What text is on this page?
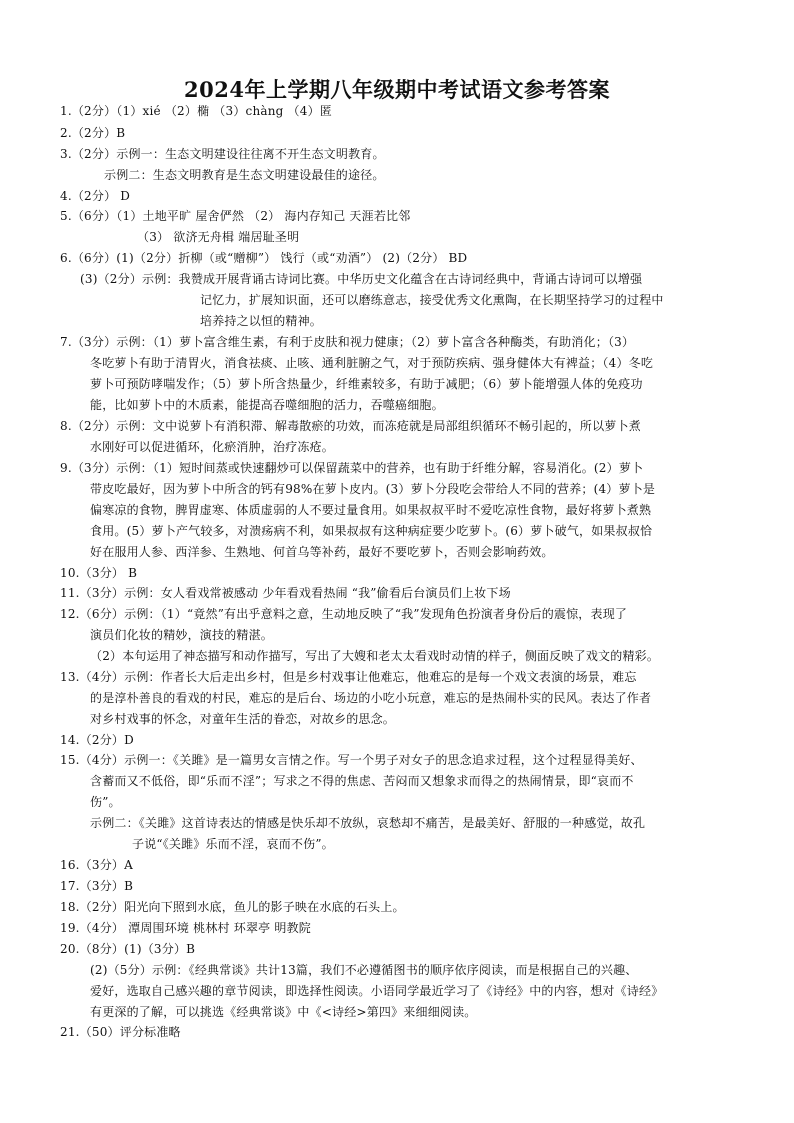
2024年上学期八年级期中考试语文参考答案
1.（2分）（1）xié （2）椭 （3）chàng （4）匿
2.（2分）B
3.（2分）示例一：生态文明建设往往离不开生态文明教育。
示例二：生态文明教育是生态文明建设最佳的途径。
4.（2分） D
5.（6分）（1）土地平旷 屋舍俨然 （2） 海内存知己 天涯若比邻
（3） 欲济无舟楫 端居耻圣明
6.（6分）(1)（2分）折柳（或“赠柳”） 饯行（或“劝酒”） (2)（2分） BD
(3)（2分）示例：我赞成开展背诵古诗词比赛。中华历史文化蕴含在古诗词经典中，背诵古诗词可以增强
记忆力，扩展知识面，还可以磨练意志，接受优秀文化熏陶，在长期坚持学习的过程中
培养持之以恒的精神。
7.（3分）示例：（1）萝卜富含维生素，有利于皮肤和视力健康；（2）萝卜富含各种酶类，有助消化；（3）
冬吃萝卜有助于清胃火，消食祛痰、止咳、通利脏腑之气，对于预防疾病、强身健体大有裨益；（4）冬吃
萝卜可预防哮喘发作；（5）萝卜所含热量少，纤维素较多，有助于减肥；（6）萝卜能增强人体的免疫功
能，比如萝卜中的木质素，能提高吞噬细胞的活力，吞噬癌细胞。
8.（2分）示例：文中说萝卜有消积滞、解毒散瘀的功效，而冻疮就是局部组织循环不畅引起的，所以萝卜煮
水刚好可以促进循环，化瘀消肿，治疗冻疮。
9.（3分）示例：（1）短时间蒸或快速翻炒可以保留蔬菜中的营养，也有助于纤维分解，容易消化。(2）萝卜
带皮吃最好，因为萝卜中所含的钙有98%在萝卜皮内。(3）萝卜分段吃会带给人不同的营养；(4）萝卜是
偏寒凉的食物，脾胃虚寒、体质虚弱的人不要过量食用。如果叔叔平时不爱吃凉性食物，最好将萝卜煮熟
食用。(5）萝卜产气较多，对溃疡病不利，如果叔叔有这种病症要少吃萝卜。(6）萝卜破气，如果叔叔恰
好在服用人参、西洋参、生熟地、何首乌等补药，最好不要吃萝卜，否则会影响药效。
10.（3分） B
11.（3分）示例：女人看戏常被感动 少年看戏看热闹 “我”偷看后台演员们上妆下场
12.（6分）示例：（1）“竟然”有出乎意料之意，生动地反映了“我”发现角色扮演者身份后的震惊，表现了
演员们化妆的精妙，演技的精湛。
（2）本句运用了神态描写和动作描写，写出了大嫂和老太太看戏时动情的样子，侧面反映了戏文的精彩。
13.（4分）示例：作者长大后走出乡村，但是乡村戏事让他难忘，他难忘的是每一个戏文表演的场景，难忘
的是淳朴善良的看戏的村民，难忘的是后台、场边的小吃小玩意，难忘的是热闹朴实的民风。表达了作者
对乡村戏事的怀念，对童年生活的眷恋，对故乡的思念。
14.（2分）D
15.（4分）示例一：《关雎》是一篇男女言情之作。写一个男子对女子的思念追求过程，这个过程显得美好、
含蓄而又不低俗，即“乐而不淫”；写求之不得的焦虑、苦闷而又想象求而得之的热闹情景，即“哀而不
伤”。
示例二：《关雎》这首诗表达的情感是快乐却不放纵，哀愁却不痛苦，是最美好、舒服的一种感觉，故孔
子说“《关雎》乐而不淫，哀而不伤”。
16.（3分）A
17.（3分）B
18.（2分）阳光向下照到水底，鱼儿的影子映在水底的石头上。
19.（4分） 潭周围环境 桃林村 环翠亭 明教院
20.（8分）(1)（3分）B
(2)（5分）示例：《经典常谈》共计13篇，我们不必遵循图书的顺序依序阅读，而是根据自己的兴趣、
爱好，选取自己感兴趣的章节阅读，即选择性阅读。小语同学最近学习了《诗经》中的内容，想对《诗经》
有更深的了解，可以挑选《经典常谈》中《<诗经>第四》来细细阅读。
21.（50）评分标准略
